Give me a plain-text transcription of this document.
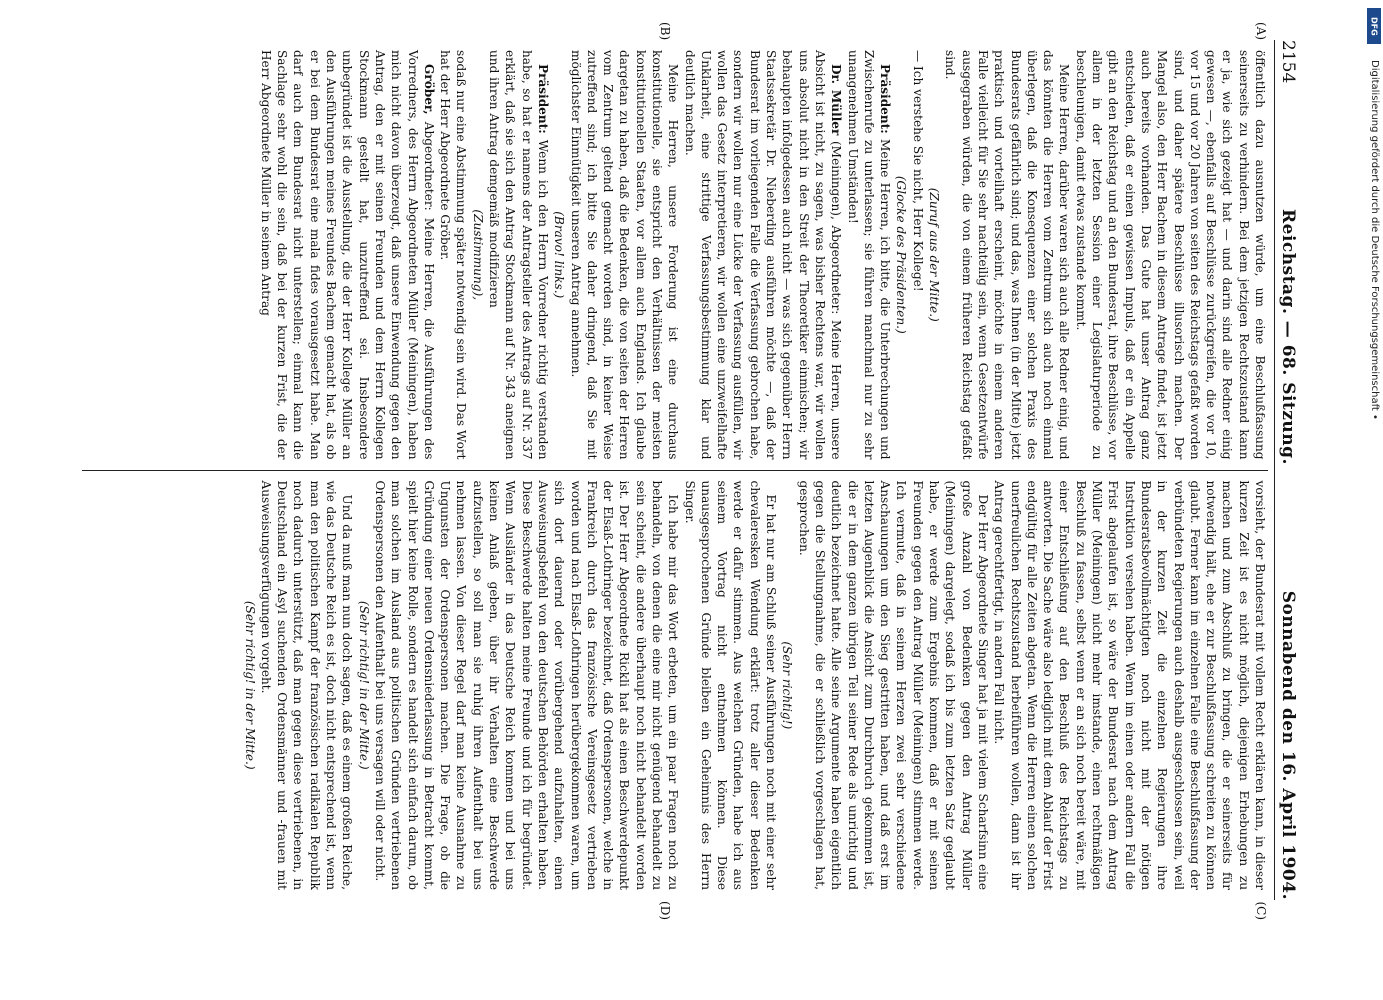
2154
Reichstag. — 68. Sitzung.
Sonnabend den 16. April 1904.
(A)
(B)
(C)
(D)

öffentlich dazu ausnutzen würde, um eine Beschlußfassung seinerseits zu verhindern. Bei dem jetzigen Rechtszustand kann er ja, wie sich gezeigt hat — und darin sind alle Redner einig gewesen —, ebenfalls auf Beschlüsse zurückgreifen, die vor 10, vor 15 und vor 20 Jahren von seiten des Reichstags gefaßt worden sind, und daher spätere Beschlüsse illusorisch machen. Der Mangel also, den Herr Bachem in diesem Antrage findet, ist jetzt auch bereits vorhanden. Das Gute hat unser Antrag ganz entschieden, daß er einen gewissen Impuls, daß er ein Appelle gibt an den Reichstag und an den Bundesrat, ihre Beschlüsse, vor allem in der letzten Session einer Legislaturperiode zu beschleunigen, damit etwas zustande kommt.

Meine Herren, darüber waren sich auch alle Redner einig, und das könnten die Herren vom Zentrum sich auch noch einmal überlegen, daß die Konsequenzen einer solchen Praxis des Bundesrats gefährlich sind; und das, was Ihnen (in der Mitte) jetzt praktisch und vorteilhaft erscheint, möchte in einem anderen Falle vielleicht für Sie sehr nachteilig sein, wenn Gesetzentwürfe ausgegraben würden, die von einem früheren Reichstag gefaßt sind.

(Zuruf aus der Mitte.)

— Ich verstehe Sie nicht, Herr Kollege!

(Glocke des Präsidenten.)

Präsident: Meine Herren, ich bitte, die Unterbrechungen und Zwischenrufe zu unterlassen; sie führen manchmal nur zu sehr unangenehmen Umständen!

Dr. Müller (Meiningen), Abgeordneter: Meine Herren, unsere Absicht ist nicht, zu sagen, was bisher Rechtens war, wir wollen uns absolut nicht in den Streit der Theoretiker einmischen; wir behaupten infolgedessen auch nicht — was sich gegenüber Herrn Staatssekretär Dr. Nieberding ausführen möchte —, daß der Bundesrat im vorliegenden Falle die Verfassung gebrochen habe, sondern wir wollen nur eine Lücke der Verfassung ausfüllen, wir wollen das Gesetz interpretieren, wir wollen eine unzweifelhafte Unklarheit, eine strittige Verfassungsbestimmung klar und deutlich machen.

Meine Herren, unsere Forderung ist eine durchaus konstitutionelle, sie entspricht den Verhältnissen der meisten konstitutionellen Staaten, vor allem auch Englands. Ich glaube dargetan zu haben, daß die Bedenken, die von seiten der Herren vom Zentrum geltend gemacht worden sind, in keiner Weise zutreffend sind; ich bitte Sie daher dringend, daß Sie mit möglichster Einmütigkeit unseren Antrag annehmen.

(Bravo! links.)

Präsident: Wenn ich den Herrn Vorredner richtig verstanden habe, so hat er namens der Antragsteller des Antrags auf Nr. 337 erklärt, daß sie sich den Antrag Stockmann auf Nr. 343 aneignen und ihren Antrag demgemäß modifizieren

(Zustimmung),

sodaß nur eine Abstimmung später notwendig sein wird. Das Wort hat der Herr Abgeordnete Gröber.

Gröber, Abgeordneter: Meine Herren, die Ausführungen des Vorredners, des Herrn Abgeordneten Müller (Meiningen), haben mich nicht davon überzeugt, daß unsere Einwendung gegen den Antrag, den er mit seinen Freunden und dem Herrn Kollegen Stockmann gestellt hat, unzutreffend sei. Insbesondere unbegründet ist die Ausstellung, die der Herr Kollege Müller an den Ausführungen meines Freundes Bachem gemacht hat, als ob er bei dem Bundesrat eine mala fides vorausgesetzt habe. Man darf auch dem Bundesrat nicht unterstellen; einmal kann die Sachlage sehr wohl die sein, daß bei der kurzen Frist, die der Herr Abgeordnete Müller in seinem Antrag

vorsieht, der Bundesrat mit vollem Recht erklären kann, in dieser kurzen Zeit ist es nicht möglich, diejenigen Erhebungen zu machen und zum Abschluß zu bringen, die er seinerseits für notwendig hält, ehe er zur Beschlußfassung schreiten zu können glaubt. Ferner kann im einzelnen Falle eine Beschlußfassung der verbündeten Regierungen auch deshalb ausgeschlossen sein, weil in der kurzen Zeit die einzelnen Regierungen ihre Bundesratsbevollmächtigten noch nicht mit der nötigen Instruktion versehen haben. Wenn im einen oder andern Fall die Frist abgelaufen ist, so wäre der Bundesrat nach dem Antrag Müller (Meiningen) nicht mehr imstande, einen rechtmäßigen Beschluß zu fassen, selbst wenn er an sich noch bereit wäre, mit einer Entschließung auf den Beschluß des Reichstags zu antworten. Die Sache wäre also lediglich mit dem Ablauf der Frist endgültig für alle Zeiten abgetan. Wenn die Herren einen solchen unerfreulichen Rechtszustand herbeiführen wollen, dann ist ihr Antrag gerechtfertigt, in andern Fall nicht.

Der Herr Abgeordnete Singer hat ja mit vielem Scharfsinn eine große Anzahl von Bedenken gegen den Antrag Müller (Meiningen) dargelegt, sodaß ich bis zum letzten Satz geglaubt habe, er werde zum Ergebnis kommen, daß er mit seinen Freunden gegen den Antrag Müller (Meiningen) stimmen werde. Ich vermute, daß in seinem Herzen zwei sehr verschiedene Anschauungen um den Sieg gestritten haben, und daß erst im letzten Augenblick die Ansicht zum Durchbruch gekommen ist, die er in dem ganzen übrigen Teil seiner Rede als unrichtig und deutlich bezeichnet hatte. Alle seine Argumente haben eigentlich gegen die Stellungnahme, die er schließlich vorgeschlagen hat, gesprochen.

(Sehr richtig!)

Er hat nur am Schluß seiner Ausführungen noch mit einer sehr chevaleresken Wendung erklärt: trotz aller dieser Bedenken werde er dafür stimmen. Aus welchen Gründen, habe ich aus seinem Vortrag nicht entnehmen können. Diese unausgesprochenen Gründe bleiben ein Geheimnis des Herrn Singer.

Ich habe mir das Wort erbeten, um ein paar Fragen noch zu behandeln, von denen die eine mir nicht genügend behandelt zu sein scheint, die andere überhaupt noch nicht behandelt worden ist. Der Herr Abgeordnete Rickli hat als einen Beschwerdepunkt der Elsaß-Lothringer bezeichnet, daß Ordenspersonen, welche in Frankreich durch das französische Vereinsgesetz vertrieben worden und nach Elsaß-Lothringen herübergekommen waren, um sich dort dauernd oder vorübergehend aufzuhalten, einen Ausweisungsbefehl von den deutschen Behörden erhalten haben. Diese Beschwerde halten meine Freunde und ich für begründet. Wenn Ausländer in das Deutsche Reich kommen und bei uns keinen Anlaß geben, über ihr Verhalten eine Beschwerde aufzustellen, so soll man sie ruhig ihren Aufenthalt bei uns nehmen lassen. Von dieser Regel darf man keine Ausnahme zu Ungunsten der Ordenspersonen machen. Die Frage, ob die Gründung einer neuen Ordensniederlassung in Betracht kommt, spielt hier keine Rolle, sondern es handelt sich einfach darum, ob man solchen im Ausland aus politischen Gründen vertriebenen Ordenspersonen den Aufenthalt bei uns versagen will oder nicht.

(Sehr richtig! in der Mitte.)

Und da muß man nun doch sagen, daß es einem großen Reiche, wie das Deutsche Reich es ist, doch nicht entsprechend ist, wenn man den politischen Kampf der französischen radikalen Republik noch dadurch unterstützt, daß man gegen diese vertriebenen, in Deutschland ein Asyl suchenden Ordensmänner und -frauen mit Ausweisungsverfügungen vorgeht.

(Sehr richtig! in der Mitte.)

DFG
Digitalisierung gefördert durch die Deutsche Forschungsgemeinschaft •
